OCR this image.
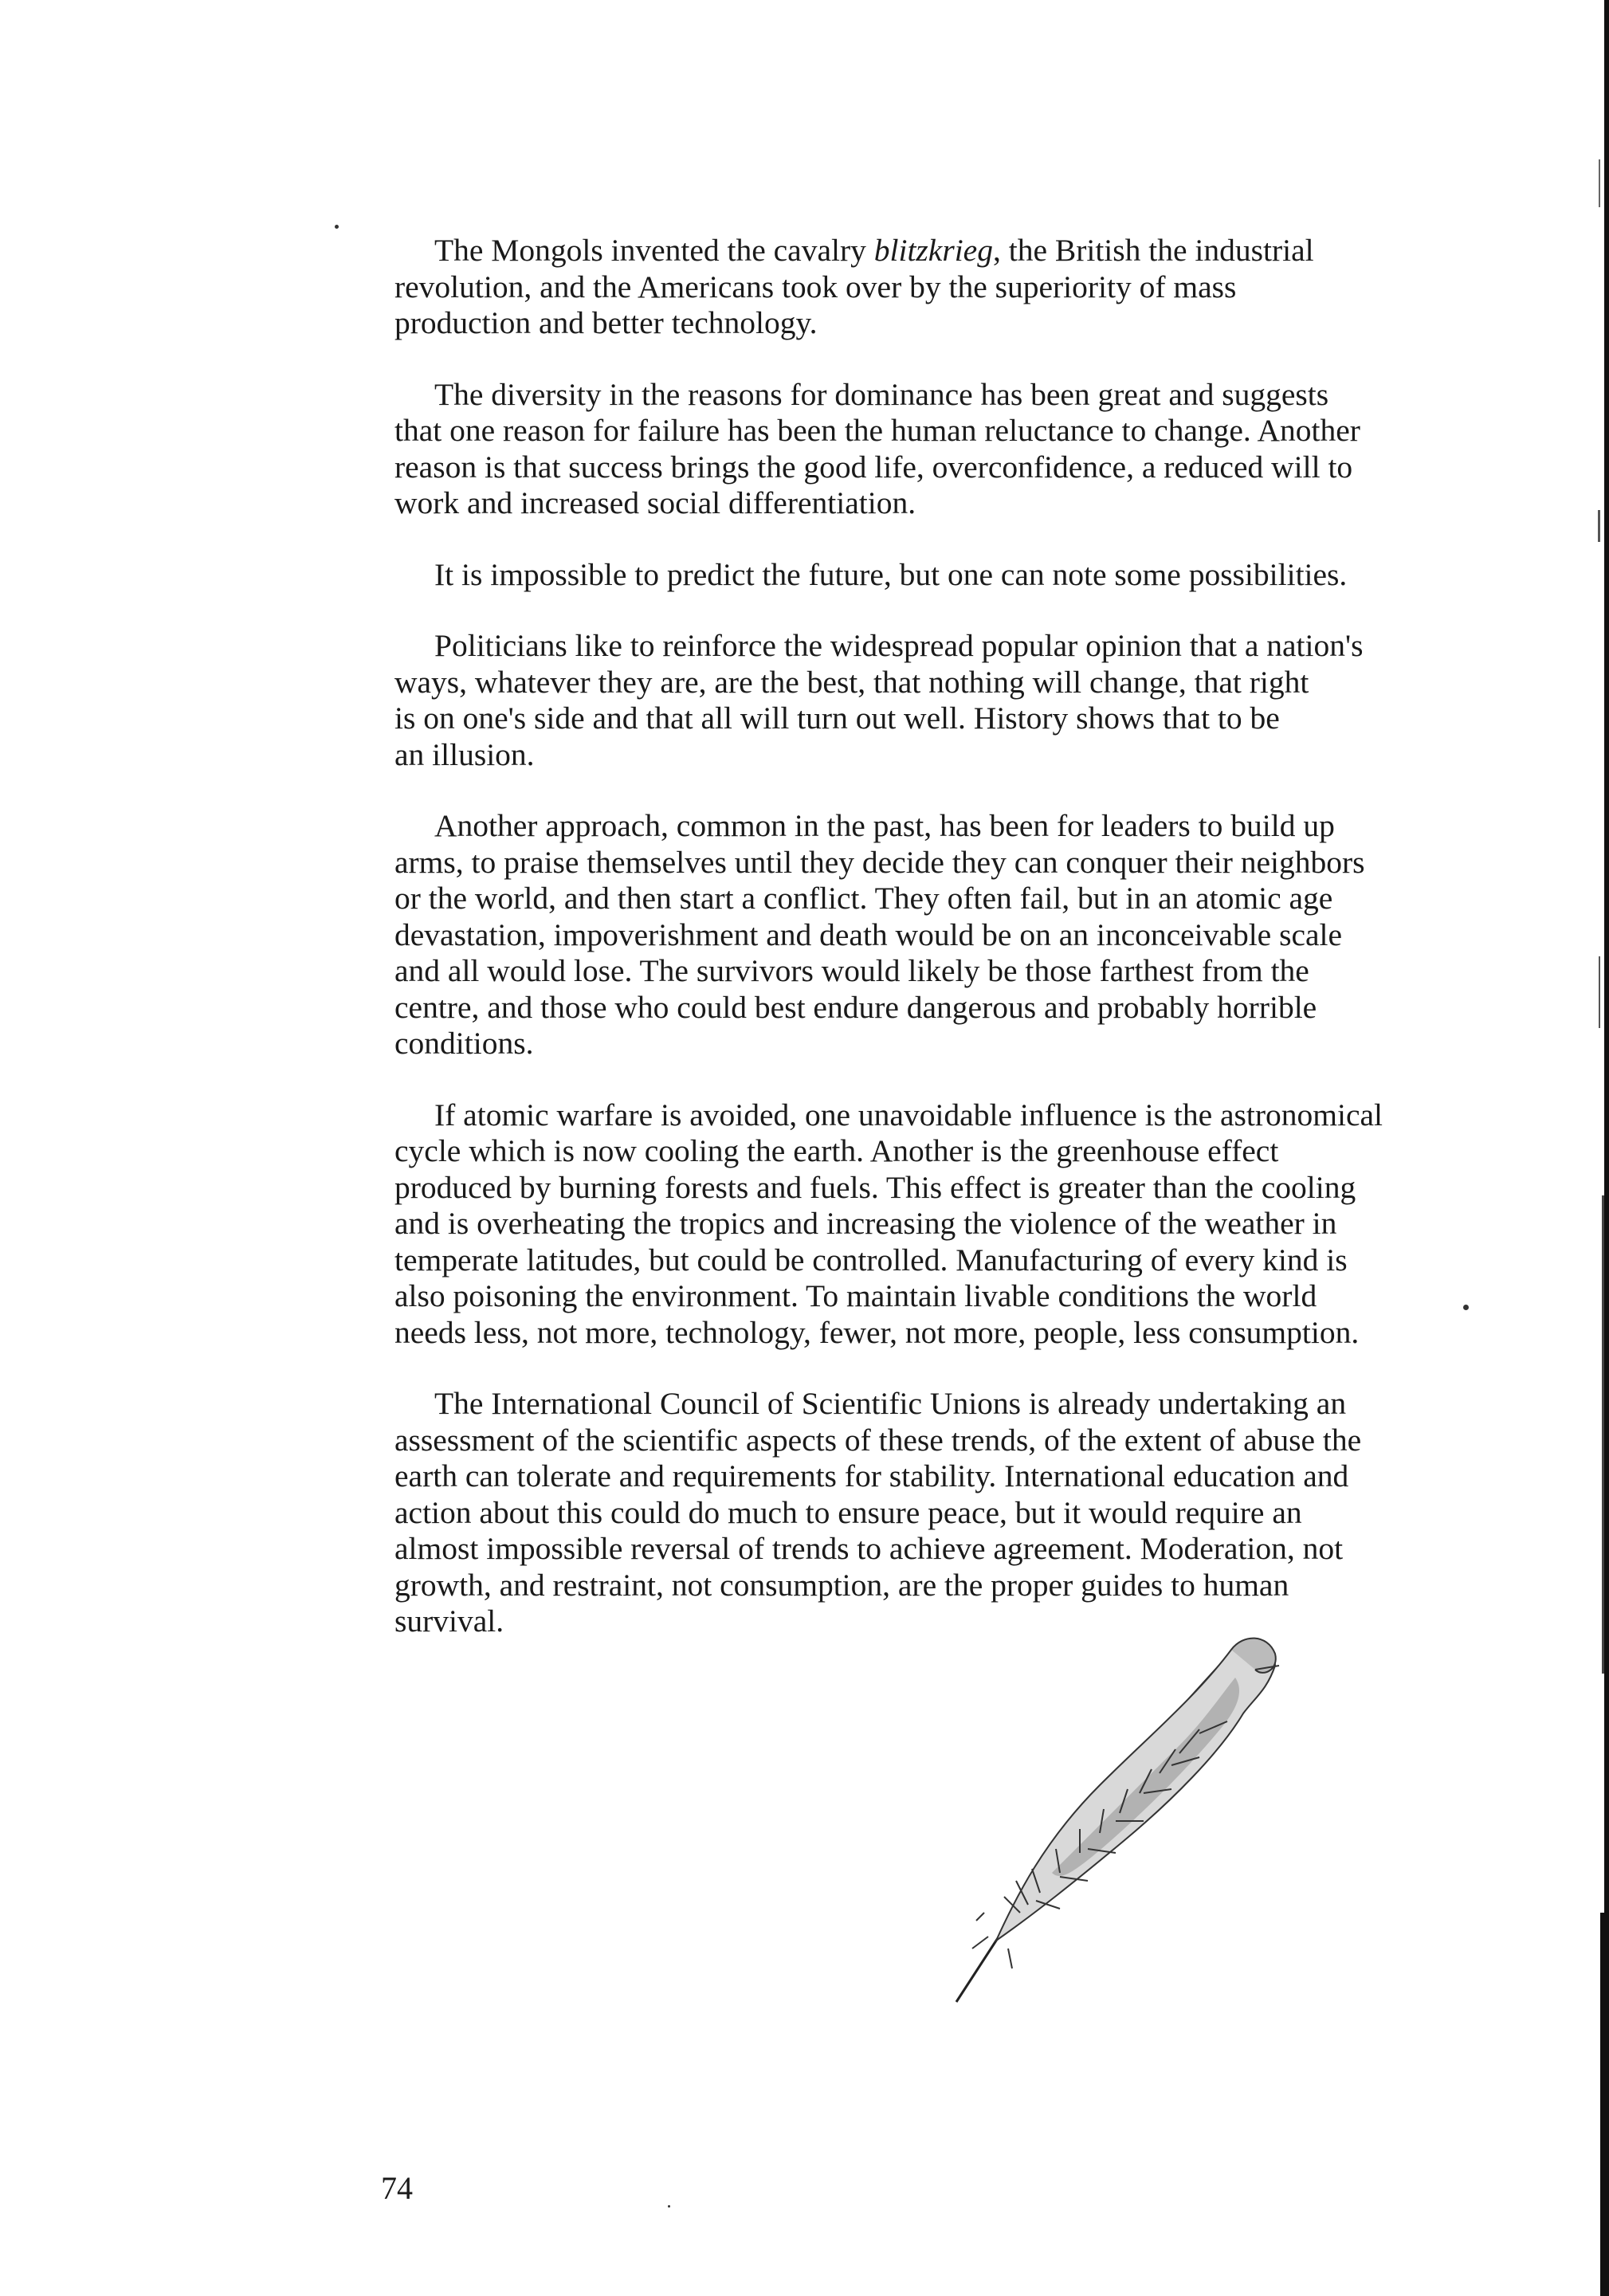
The Mongols invented the cavalry blitzkrieg, the British the industrial
revolution, and the Americans took over by the superiority of mass
production and better technology.

The diversity in the reasons for dominance has been great and suggests
that one reason for failure has been the human reluctance to change. Another
reason is that success brings the good life, overconfidence, a reduced will to
work and increased social differentiation.

It is impossible to predict the future, but one can note some possibilities.

Politicians like to reinforce the widespread popular opinion that a nation's
ways, whatever they are, are the best, that nothing will change, that right
is on one's side and that all will turn out well. History shows that to be
an illusion.

Another approach, common in the past, has been for leaders to build up
arms, to praise themselves until they decide they can conquer their neighbors
or the world, and then start a conflict. They often fail, but in an atomic age
devastation, impoverishment and death would be on an inconceivable scale
and all would lose. The survivors would likely be those farthest from the
centre, and those who could best endure dangerous and probably horrible
conditions.

If atomic warfare is avoided, one unavoidable influence is the astronomical
cycle which is now cooling the earth. Another is the greenhouse effect
produced by burning forests and fuels. This effect is greater than the cooling
and is overheating the tropics and increasing the violence of the weather in
temperate latitudes, but could be controlled. Manufacturing of every kind is
also poisoning the environment. To maintain livable conditions the world
needs less, not more, technology, fewer, not more, people, less consumption.

The International Council of Scientific Unions is already undertaking an
assessment of the scientific aspects of these trends, of the extent of abuse the
earth can tolerate and requirements for stability. International education and
action about this could do much to ensure peace, but it would require an
almost impossible reversal of trends to achieve agreement. Moderation, not
growth, and restraint, not consumption, are the proper guides to human
survival.

74
